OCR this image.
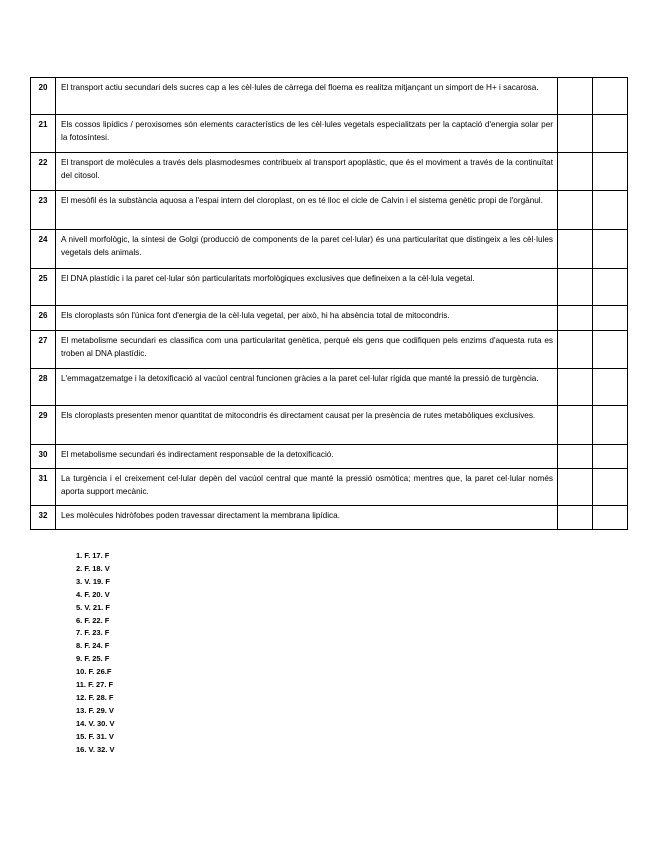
20	El transport actiu secundari dels sucres cap a les cèl·lules de càrrega del floema es realitza mitjançant un simport de H+ i sacarosa.		
21	Els cossos lipídics / peroxisomes són elements característics de les cèl·lules vegetals especialitzats per la captació d'energia solar per la fotosíntesi.		
22	El transport de molècules a través dels plasmodesmes contribueix al transport apoplàstic, que és el moviment a través de la continuïtat del citosol.		
23	El mesòfil és la substància aquosa a l'espai intern del cloroplast, on es té lloc el cicle de Calvin i el sistema genètic propi de l'orgànul.		
24	A nivell morfològic, la síntesi de Golgi (producció de components de la paret cel·lular) és una particularitat que distingeix a les cèl·lules vegetals dels animals.		
25	El DNA plastídic i la paret cel·lular són particularitats morfològiques exclusives que defineixen a la cèl·lula vegetal.		
26	Els cloroplasts són l'única font d'energia de la cèl·lula vegetal, per això, hi ha absència total de mitocondris.		
27	El metabolisme secundari es classifica com una particularitat genètica, perquè els gens que codifiquen pels enzims d'aquesta ruta es troben al DNA plastídic.		
28	L'emmagatzematge i la detoxificació al vacúol central funcionen gràcies a la paret cel·lular rígida que manté la pressió de turgència.		
29	Els cloroplasts presenten menor quantitat de mitocondris és directament causat per la presència de rutes metabòliques exclusives.		
30	El metabolisme secundari és indirectament responsable de la detoxificació.		
31	La turgència i el creixement cel·lular depèn del vacúol central que manté la pressió osmòtica; mentres que, la paret cel·lular només aporta support mecànic.		
32	Les molècules hidròfobes poden travessar directament la membrana lipídica.		
1. F. 17. F
2. F. 18. V
3. V. 19. F
4. F. 20. V
5. V. 21. F
6. F. 22. F
7. F. 23. F
8. F. 24. F
9. F. 25. F
10. F. 26.F
11. F. 27. F
12. F. 28. F
13. F. 29. V
14. V. 30. V
15. F. 31. V
16. V. 32. V
